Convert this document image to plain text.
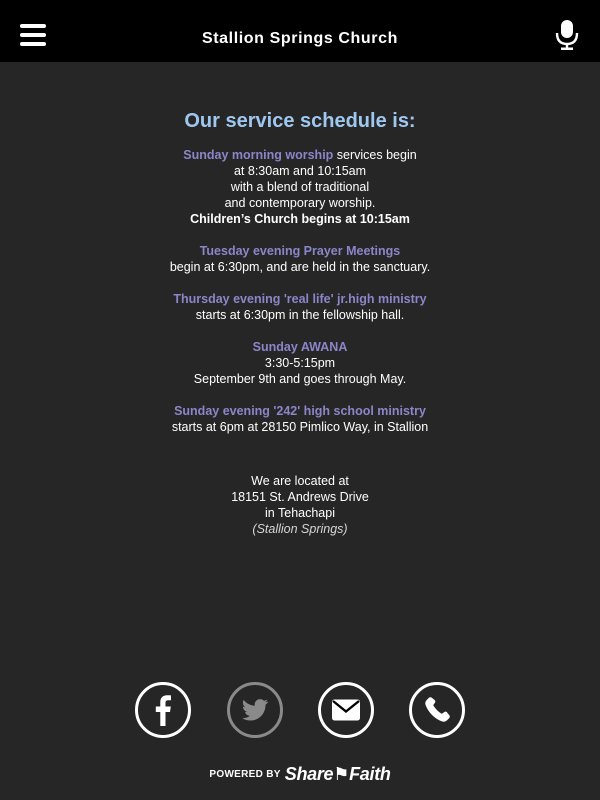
Stallion Springs Church
Our service schedule is:
Sunday morning worship services begin
at 8:30am and 10:15am
with a blend of traditional
and contemporary worship.
Children’s Church begins at 10:15am
Tuesday evening Prayer Meetings
begin at 6:30pm, and are held in the sanctuary.
Thursday evening 'real life' jr.high ministry
starts at 6:30pm in the fellowship hall.
Sunday AWANA
3:30-5:15pm
September 9th and goes through May.
Sunday evening '242' high school ministry
starts at 6pm at 28150 Pimlico Way, in Stallion
We are located at
18151 St. Andrews Drive
in Tehachapi
(Stallion Springs)
POWERED BY Share⚑Faith
